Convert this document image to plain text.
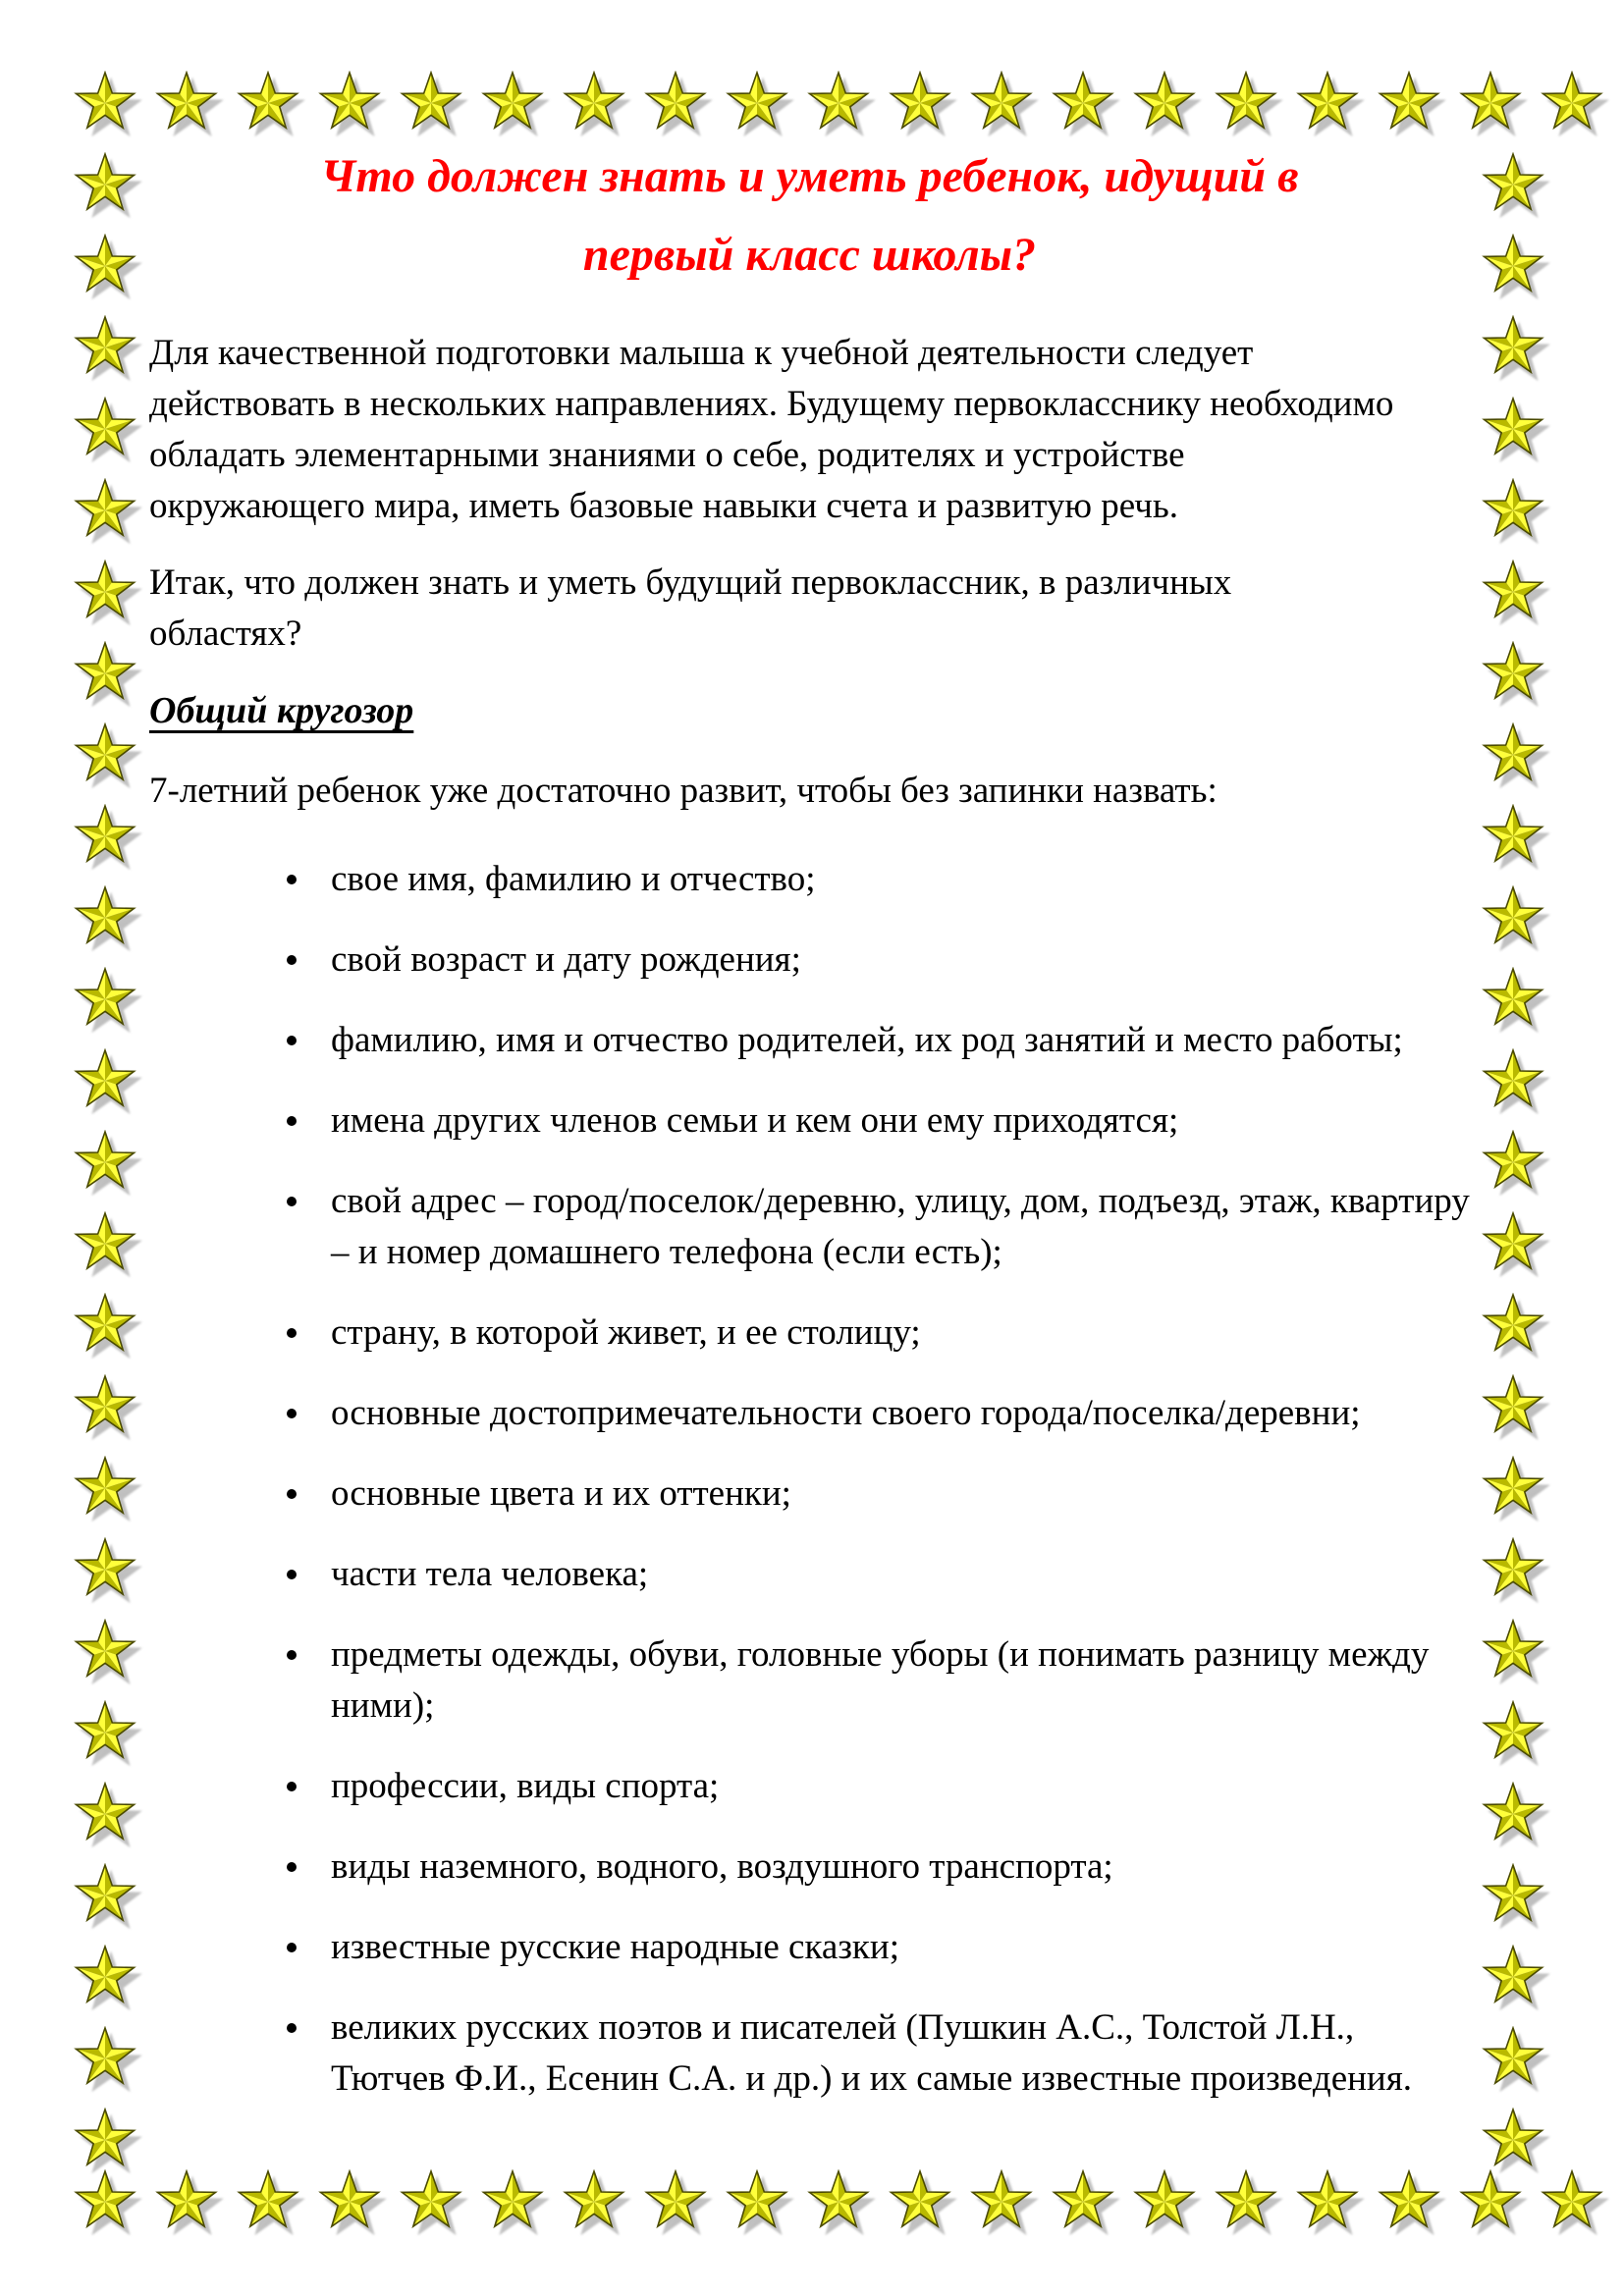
Что должен знать и уметь ребенок, идущий в
первый класс школы?

Для качественной подготовки малыша к учебной деятельности следует действовать в нескольких направлениях. Будущему первокласснику необходимо обладать элементарными знаниями о себе, родителях и устройстве окружающего мира, иметь базовые навыки счета и развитую речь.

Итак, что должен знать и уметь будущий первоклассник, в различных областях?

Общий кругозор

7-летний ребенок уже достаточно развит, чтобы без запинки назвать:

свое имя, фамилию и отчество;
свой возраст и дату рождения;
фамилию, имя и отчество родителей, их род занятий и место работы;
имена других членов семьи и кем они ему приходятся;
свой адрес – город/поселок/деревню, улицу, дом, подъезд, этаж, квартиру – и номер домашнего телефона (если есть);
страну, в которой живет, и ее столицу;
основные достопримечательности своего города/поселка/деревни;
основные цвета и их оттенки;
части тела человека;
предметы одежды, обуви, головные уборы (и понимать разницу между ними);
профессии, виды спорта;
виды наземного, водного, воздушного транспорта;
известные русские народные сказки;
великих русских поэтов и писателей (Пушкин А.С., Толстой Л.Н., Тютчев Ф.И., Есенин С.А. и др.) и их самые известные произведения.
